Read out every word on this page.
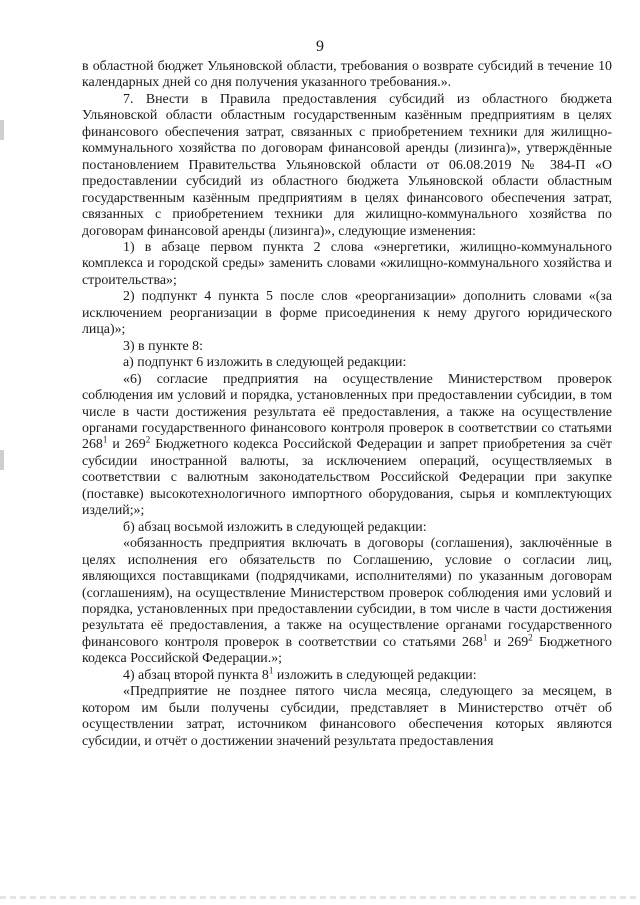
9

в областной бюджет Ульяновской области, требования о возврате субсидий в течение 10 календарных дней со дня получения указанного требования.».

7. Внести в Правила предоставления субсидий из областного бюджета Ульяновской области областным государственным казённым предприятиям в целях финансового обеспечения затрат, связанных с приобретением техники для жилищно-коммунального хозяйства по договорам финансовой аренды (лизинга)», утверждённые постановлением Правительства Ульяновской области от 06.08.2019 № 384-П «О предоставлении субсидий из областного бюджета Ульяновской области областным государственным казённым предприятиям в целях финансового обеспечения затрат, связанных с приобретением техники для жилищно-коммунального хозяйства по договорам финансовой аренды (лизинга)», следующие изменения:

1) в абзаце первом пункта 2 слова «энергетики, жилищно-коммунального комплекса и городской среды» заменить словами «жилищно-коммунального хозяйства и строительства»;

2) подпункт 4 пункта 5 после слов «реорганизации» дополнить словами «(за исключением реорганизации в форме присоединения к нему другого юридического лица)»;

3) в пункте 8:

а) подпункт 6 изложить в следующей редакции:

«6) согласие предприятия на осуществление Министерством проверок соблюдения им условий и порядка, установленных при предоставлении субсидии, в том числе в части достижения результата её предоставления, а также на осуществление органами государственного финансового контроля проверок в соответствии со статьями $268^1$ и $269^2$ Бюджетного кодекса Российской Федерации и запрет приобретения за счёт субсидии иностранной валюты, за исключением операций, осуществляемых в соответствии с валютным законодательством Российской Федерации при закупке (поставке) высокотехнологичного импортного оборудования, сырья и комплектующих изделий;»;

б) абзац восьмой изложить в следующей редакции:

«обязанность предприятия включать в договоры (соглашения), заключённые в целях исполнения его обязательств по Соглашению, условие о согласии лиц, являющихся поставщиками (подрядчиками, исполнителями) по указанным договорам (соглашениям), на осуществление Министерством проверок соблюдения ими условий и порядка, установленных при предоставлении субсидии, в том числе в части достижения результата её предоставления, а также на осуществление органами государственного финансового контроля проверок в соответствии со статьями $268^1$ и $269^2$ Бюджетного кодекса Российской Федерации.»;

4) абзац второй пункта $8^1$ изложить в следующей редакции:

«Предприятие не позднее пятого числа месяца, следующего за месяцем, в котором им были получены субсидии, представляет в Министерство отчёт об осуществлении затрат, источником финансового обеспечения которых являются субсидии, и отчёт о достижении значений результата предоставления
